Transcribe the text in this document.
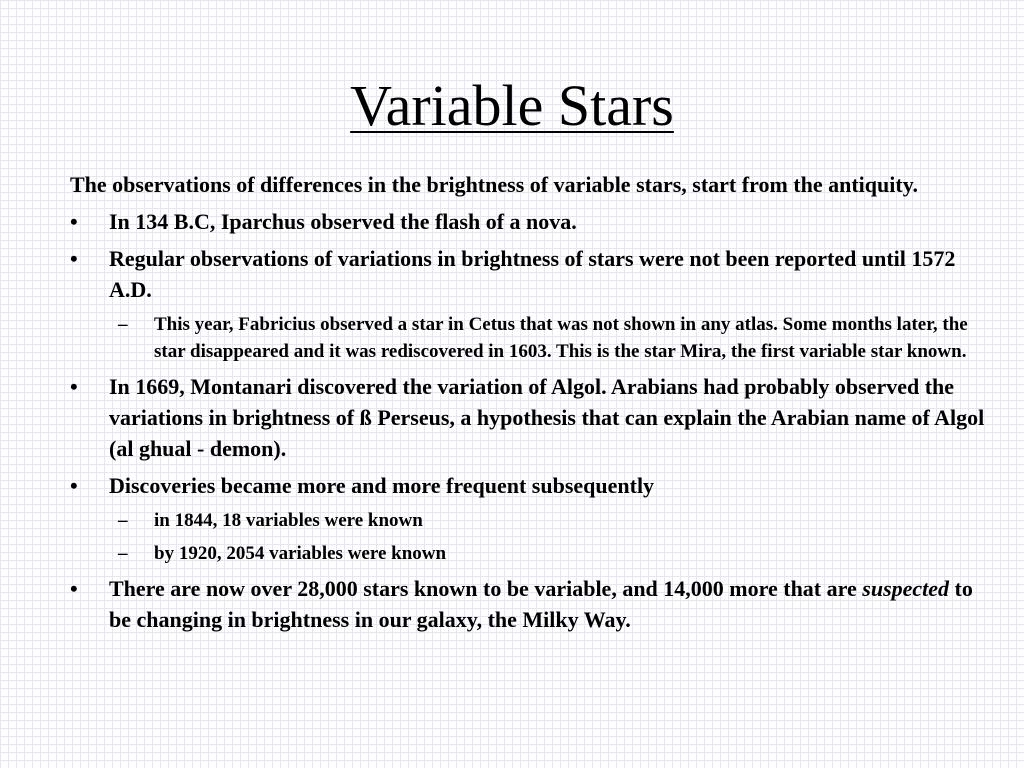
Variable Stars

The observations of differences in the brightness of variable stars, start from the antiquity.

•	In 134 B.C, Iparchus observed the flash of a nova.
•	Regular observations of variations in brightness of stars were not been reported until 1572 A.D.
– This year, Fabricius observed a star in Cetus that was not shown in any atlas. Some months later, the star disappeared and it was rediscovered in 1603. This is the star Mira, the first variable star known.
•	In 1669, Montanari discovered the variation of Algol. Arabians had probably observed the variations in brightness of ß Perseus, a hypothesis that can explain the Arabian name of Algol (al ghual - demon).
•	Discoveries became more and more frequent subsequently
– in 1844, 18 variables were known
– by 1920, 2054 variables were known
•	There are now over 28,000 stars known to be variable, and 14,000 more that are suspected to be changing in brightness in our galaxy, the Milky Way.
